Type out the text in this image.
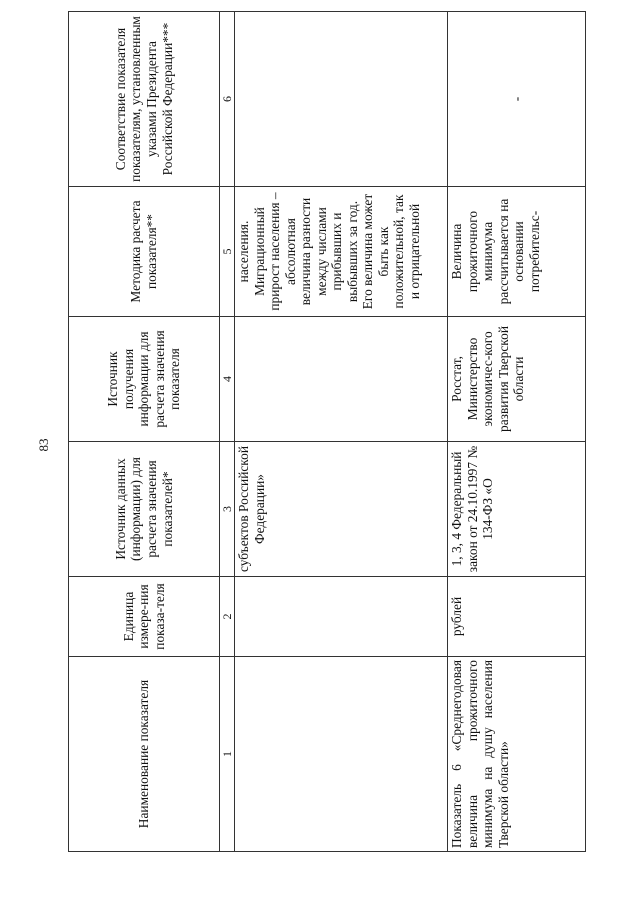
83
Наименование показателя	Единица измере-ния показа-теля	Источник данных (информации) для расчета значения показателей*	Источник получения информации для расчета значения показателя	Методика расчета показателя**	Соответствие показателя показателям, установленным указами Президента Российской Федерации***
1	2	3	4	5	6
		субъектов Российской Федерации»		населения. Миграционный прирост населения – абсолютная величина разности между числами прибывших и выбывших за год. Его величина может быть как положительной, так и отрицательной	
Показатель 6 «Среднегодовая величина прожиточного минимума на душу населения Тверской области»	рублей	1, 3, 4 Федеральный закон от 24.10.1997 № 134-ФЗ «О	Росстат, Министерство экономичес-кого развития Тверской области	Величина прожиточного минимума рассчитывается на основании потребительс-	-
